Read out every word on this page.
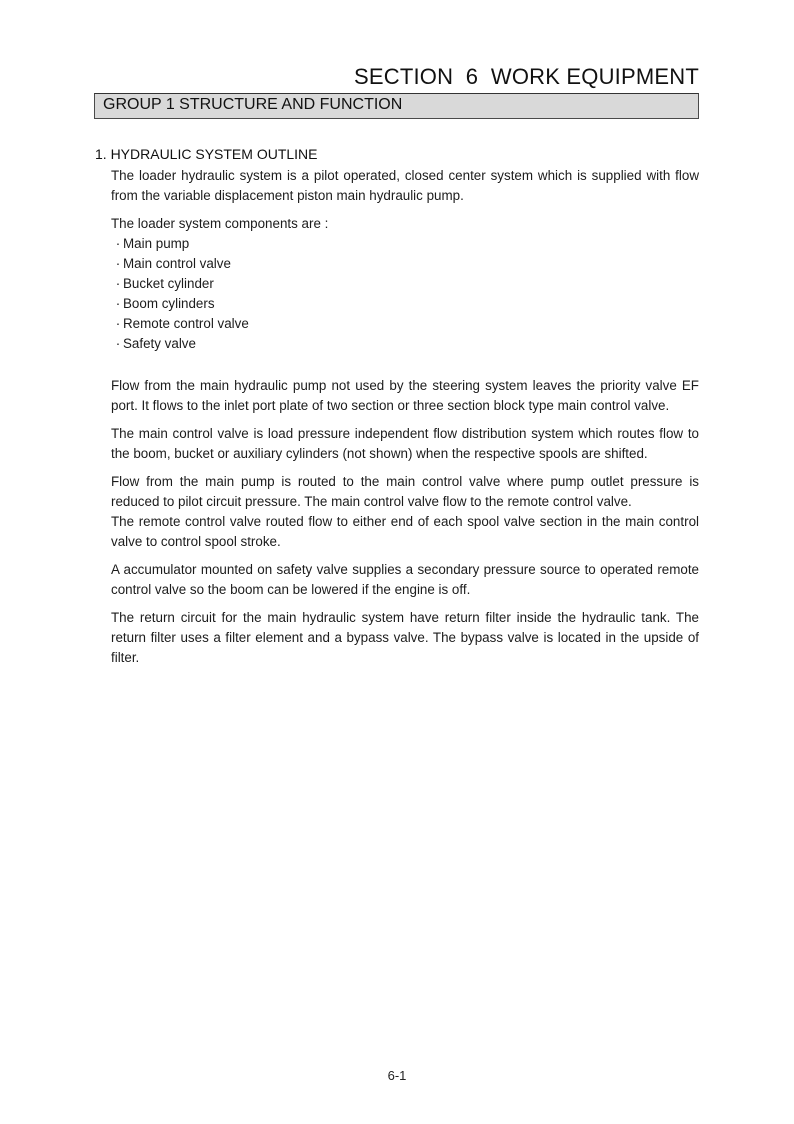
SECTION  6  WORK EQUIPMENT
GROUP 1 STRUCTURE AND FUNCTION
1. HYDRAULIC SYSTEM OUTLINE

The loader hydraulic system is a pilot operated, closed center system which is supplied with flow from the variable displacement piston main hydraulic pump.

The loader system components are :

· Main pump
· Main control valve
· Bucket cylinder
· Boom cylinders
· Remote control valve
· Safety valve

Flow from the main hydraulic pump not used by the steering system leaves the priority valve EF port. It flows to the inlet port plate of two section or three section block type main control valve.

The main control valve is load pressure independent flow distribution system which routes flow to the boom, bucket or auxiliary cylinders (not shown) when the respective spools are shifted.

Flow from the main pump is routed to the main control valve where pump outlet pressure is reduced to pilot circuit pressure. The main control valve flow to the remote control valve.

The remote control valve routed flow to either end of each spool valve section in the main control valve to control spool stroke.

A accumulator mounted on safety valve supplies a secondary pressure source to operated remote control valve so the boom can be lowered if the engine is off.

The return circuit for the main hydraulic system have return filter inside the hydraulic tank. The return filter uses a filter element and a bypass valve. The bypass valve is located in the upside of filter.

6-1
